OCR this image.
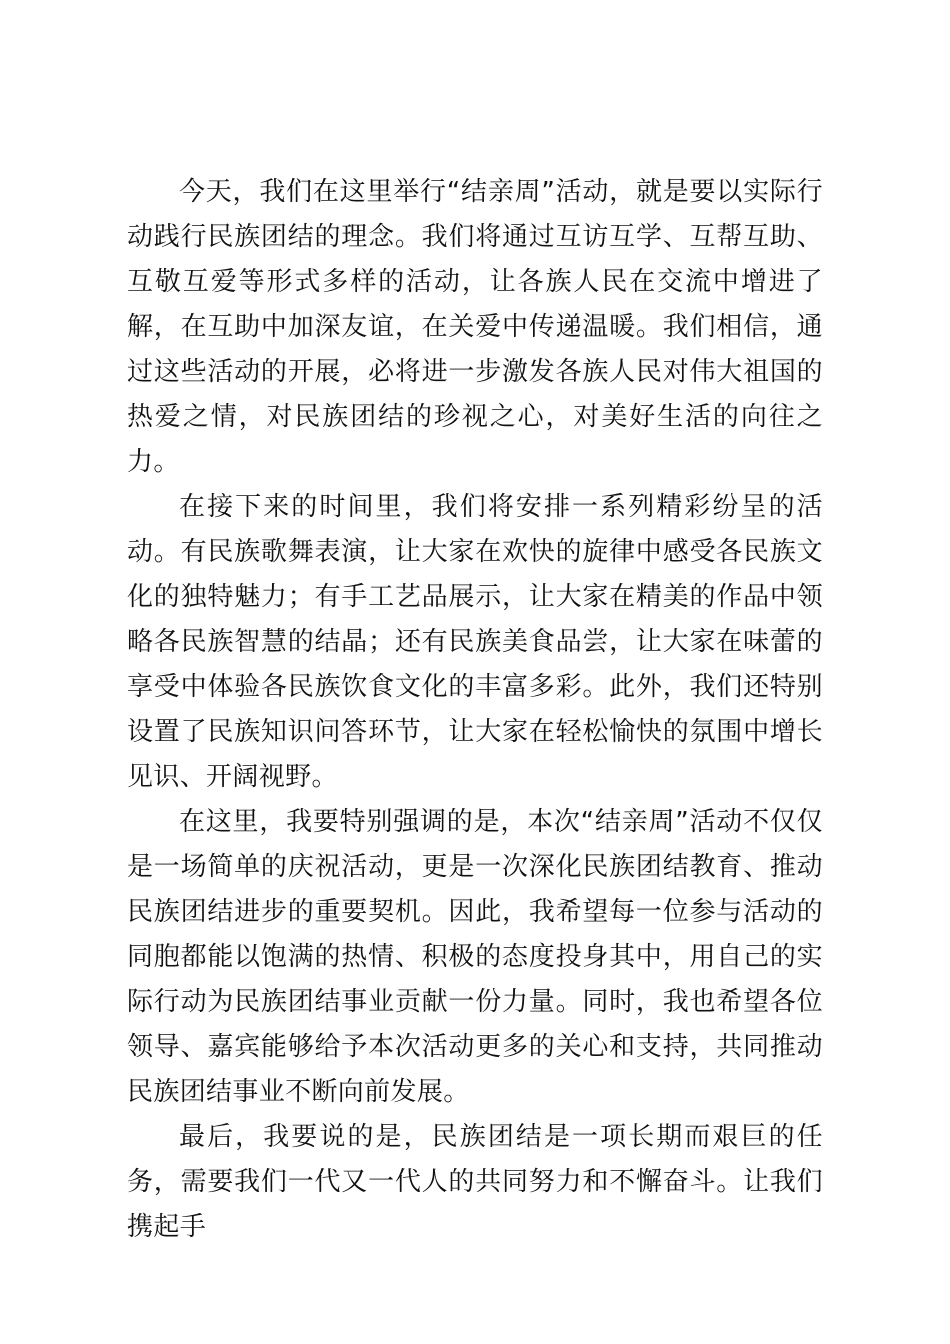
今天，我们在这里举行“结亲周”活动，就是要以实际行动践行民族团结的理念。我们将通过互访互学、互帮互助、互敬互爱等形式多样的活动，让各族人民在交流中增进了解，在互助中加深友谊，在关爱中传递温暖。我们相信，通过这些活动的开展，必将进一步激发各族人民对伟大祖国的热爱之情，对民族团结的珍视之心，对美好生活的向往之力。

在接下来的时间里，我们将安排一系列精彩纷呈的活动。有民族歌舞表演，让大家在欢快的旋律中感受各民族文化的独特魅力；有手工艺品展示，让大家在精美的作品中领略各民族智慧的结晶；还有民族美食品尝，让大家在味蕾的享受中体验各民族饮食文化的丰富多彩。此外，我们还特别设置了民族知识问答环节，让大家在轻松愉快的氛围中增长见识、开阔视野。

在这里，我要特别强调的是，本次“结亲周”活动不仅仅是一场简单的庆祝活动，更是一次深化民族团结教育、推动民族团结进步的重要契机。因此，我希望每一位参与活动的同胞都能以饱满的热情、积极的态度投身其中，用自己的实际行动为民族团结事业贡献一份力量。同时，我也希望各位领导、嘉宾能够给予本次活动更多的关心和支持，共同推动民族团结事业不断向前发展。

最后，我要说的是，民族团结是一项长期而艰巨的任务，需要我们一代又一代人的共同努力和不懈奋斗。让我们携起手
